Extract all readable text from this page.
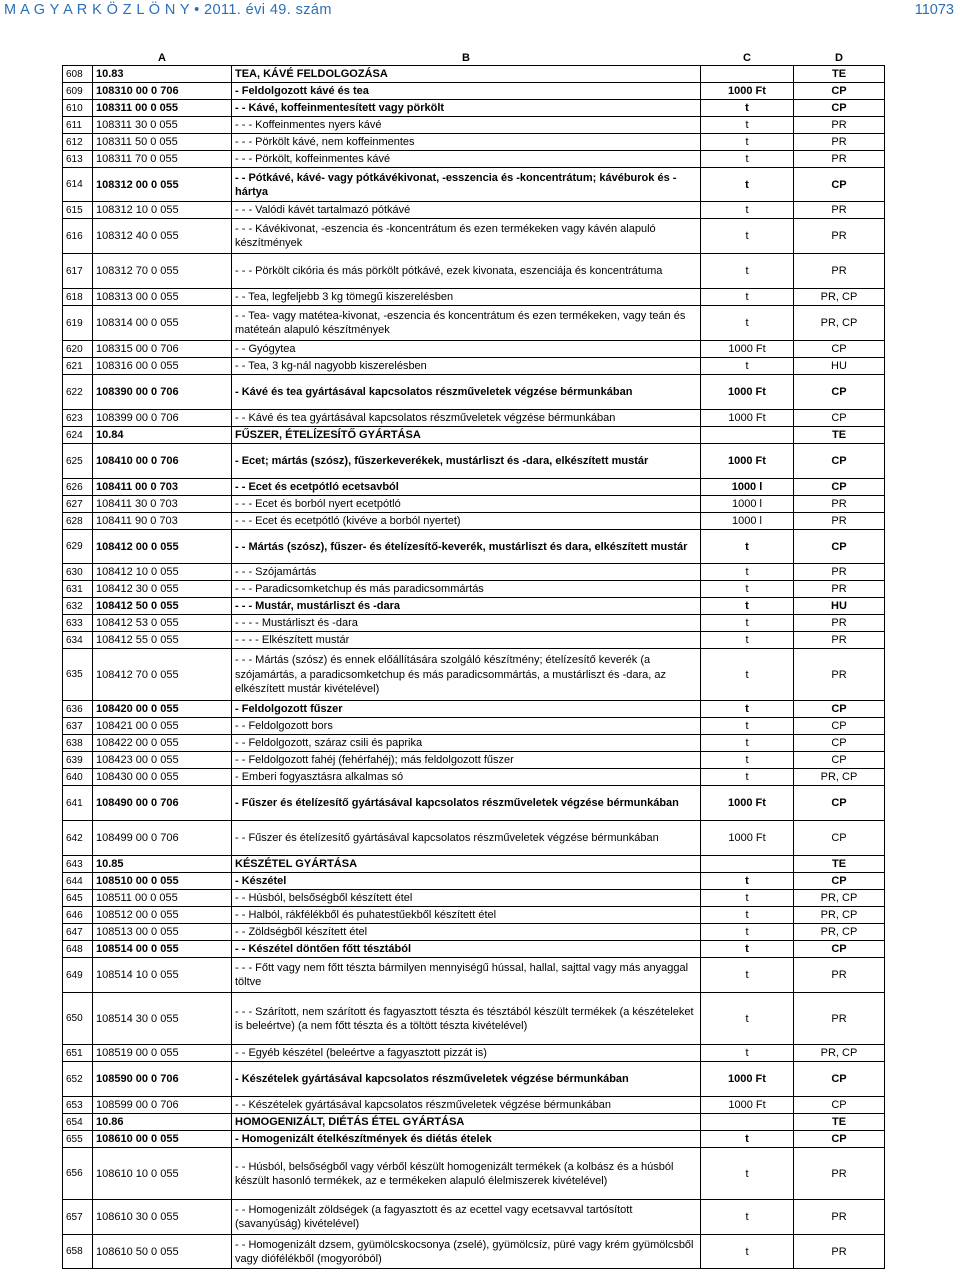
M A G Y A R K Ö Z L Ö N Y • 2011. évi 49. szám	11073
	A	B	C	D
608	10.83	TEA, KÁVÉ FELDOLGOZÁSA		TE
609	108310 00 0 706	- Feldolgozott kávé és tea	1000 Ft	CP
610	108311 00 0 055	- - Kávé, koffeinmentesített vagy pörkölt	t	CP
611	108311 30 0 055	- - - Koffeinmentes nyers kávé	t	PR
612	108311 50 0 055	- - - Pörkölt kávé, nem koffeinmentes	t	PR
613	108311 70 0 055	- - - Pörkölt, koffeinmentes kávé	t	PR
614	108312 00 0 055	- - Pótkávé, kávé- vagy pótkávékivonat, -esszencia és -koncentrátum; kávéburok és -hártya	t	CP
615	108312 10 0 055	- - - Valódi kávét tartalmazó pótkávé	t	PR
616	108312 40 0 055	- - - Kávékivonat, -eszencia és -koncentrátum és ezen termékeken vagy kávén alapuló készítmények	t	PR
617	108312 70 0 055	- - - Pörkölt cikória és más pörkölt pótkávé, ezek kivonata, eszenciája és koncentrátuma	t	PR
618	108313 00 0 055	- - Tea, legfeljebb 3 kg tömegű kiszerelésben	t	PR, CP
619	108314 00 0 055	- - Tea- vagy matétea-kivonat, -eszencia és koncentrátum és ezen termékeken, vagy teán és matéteán alapuló készítmények	t	PR, CP
620	108315 00 0 706	- - Gyógytea	1000 Ft	CP
621	108316 00 0 055	- - Tea, 3 kg-nál nagyobb kiszerelésben	t	HU
622	108390 00 0 706	- Kávé és tea gyártásával kapcsolatos részműveletek végzése bérmunkában	1000 Ft	CP
623	108399 00 0 706	- - Kávé és tea gyártásával kapcsolatos részműveletek végzése bérmunkában	1000 Ft	CP
624	10.84	FŰSZER, ÉTELÍZESÍTŐ GYÁRTÁSA		TE
625	108410 00 0 706	- Ecet; mártás (szósz), fűszerkeverékek, mustárliszt és -dara, elkészített mustár	1000 Ft	CP
626	108411 00 0 703	- - Ecet és ecetpótló ecetsavból	1000 l	CP
627	108411 30 0 703	- - - Ecet és borból nyert ecetpótló	1000 l	PR
628	108411 90 0 703	- - - Ecet és ecetpótló (kivéve a borból nyertet)	1000 l	PR
629	108412 00 0 055	- - Mártás (szósz), fűszer- és ételízesítő-keverék, mustárliszt és dara, elkészített mustár	t	CP
630	108412 10 0 055	- - - Szójamártás	t	PR
631	108412 30 0 055	- - - Paradicsomketchup és más paradicsommártás	t	PR
632	108412 50 0 055	- - - Mustár, mustárliszt és -dara	t	HU
633	108412 53 0 055	- - - - Mustárliszt és -dara	t	PR
634	108412 55 0 055	- - - - Elkészített mustár	t	PR
635	108412 70 0 055	- - - Mártás (szósz) és ennek előállítására szolgáló készítmény; ételízesítő keverék (a szójamártás, a paradicsomketchup és más paradicsommártás, a mustárliszt és -dara, az elkészített mustár kivételével)	t	PR
636	108420 00 0 055	- Feldolgozott fűszer	t	CP
637	108421 00 0 055	- - Feldolgozott bors	t	CP
638	108422 00 0 055	- - Feldolgozott, száraz csili és paprika	t	CP
639	108423 00 0 055	- - Feldolgozott fahéj (fehérfahéj); más feldolgozott fűszer	t	CP
640	108430 00 0 055	- Emberi fogyasztásra alkalmas só	t	PR, CP
641	108490 00 0 706	- Fűszer és ételízesítő gyártásával kapcsolatos részműveletek végzése bérmunkában	1000 Ft	CP
642	108499 00 0 706	- - Fűszer és ételízesítő gyártásával kapcsolatos részműveletek végzése bérmunkában	1000 Ft	CP
643	10.85	KÉSZÉTEL GYÁRTÁSA		TE
644	108510 00 0 055	- Készétel	t	CP
645	108511 00 0 055	- - Húsból, belsőségből készített étel	t	PR, CP
646	108512 00 0 055	- - Halból, rákfélékből és puhatestűekből készített étel	t	PR, CP
647	108513 00 0 055	- - Zöldségből készített étel	t	PR, CP
648	108514 00 0 055	- - Készétel döntően főtt tésztából	t	CP
649	108514 10 0 055	- - - Főtt vagy nem főtt tészta bármilyen mennyiségű hússal, hallal, sajttal vagy más anyaggal töltve	t	PR
650	108514 30 0 055	- - - Szárított, nem szárított és fagyasztott tészta és tésztából készült termékek (a készételeket is beleértve) (a nem főtt tészta és a töltött tészta kivételével)	t	PR
651	108519 00 0 055	- - Egyéb készétel (beleértve a fagyasztott pizzát is)	t	PR, CP
652	108590 00 0 706	- Készételek gyártásával kapcsolatos részműveletek végzése bérmunkában	1000 Ft	CP
653	108599 00 0 706	- - Készételek gyártásával kapcsolatos részműveletek végzése bérmunkában	1000 Ft	CP
654	10.86	HOMOGENIZÁLT, DIÉTÁS ÉTEL GYÁRTÁSA		TE
655	108610 00 0 055	- Homogenizált ételkészítmények és diétás ételek	t	CP
656	108610 10 0 055	- - Húsból, belsőségből vagy vérből készült homogenizált termékek (a kolbász és a húsból készült hasonló termékek, az e termékeken alapuló élelmiszerek kivételével)	t	PR
657	108610 30 0 055	- - Homogenizált zöldségek (a fagyasztott és az ecettel vagy ecetsavval tartósított (savanyúság) kivételével)	t	PR
658	108610 50 0 055	- - Homogenizált dzsem, gyümölcskocsonya (zselé), gyümölcsíz, püré vagy krém gyümölcsből vagy diófélékből (mogyoróból)	t	PR
